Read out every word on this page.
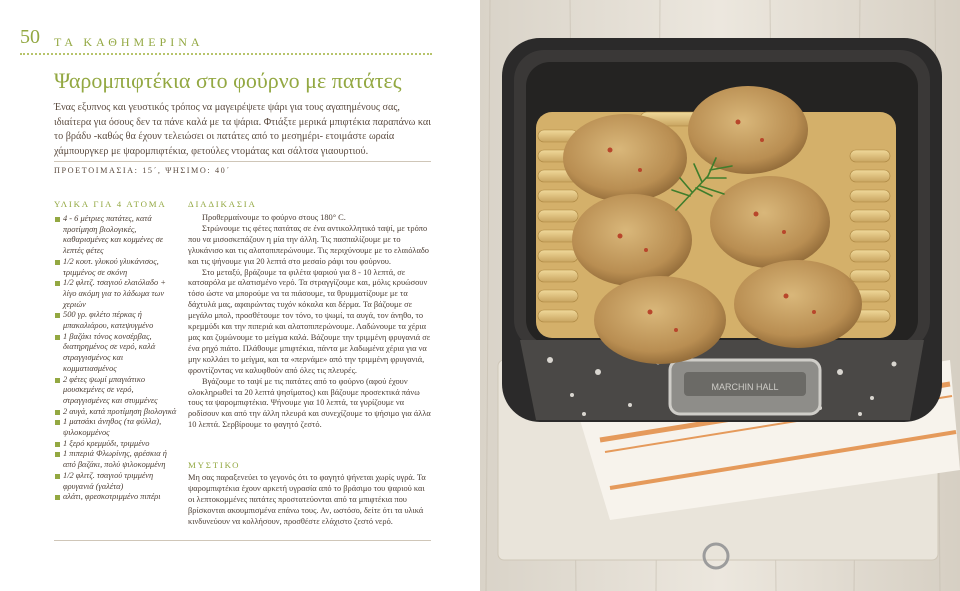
50 ΤΑ ΚΑΘΗΜΕΡΙΝΑ
Ψαρομπιφτέκια στο φούρνο με πατάτες
Ένας εξυπνος και γευστικός τρόπος να μαγειρέψετε ψάρι για τους αγαπημένους σας, ιδιαίτερα για όσους δεν τα πάνε καλά με τα ψάρια. Φτιάξτε μερικά μπιφτέκια παραπάνω και το βράδυ -καθώς θα έχουν τελειώσει οι πατάτες από το μεσημέρι- ετοιμάστε ωραία χάμπουργκερ με ψαρομπιφτέκια, φετούλες ντομάτας και σάλτσα γιαουρτιού.
ΠΡΟΕΤΟΙΜΑΣΙΑ: 15´, ΨΗΣΙΜΟ: 40´
ΥΛΙΚΑ ΓΙΑ 4 ΑΤΟΜΑ
4 - 6 μέτριες πατάτες, κατά προτίμηση βιολογικές, καθαρισμένες και κομμένες σε λεπτές φέτες
1/2 κουτ. γλυκού γλυκάνισος, τριμμένος σε σκόνη
1/2 φλιτζ. τσαγιού ελαιόλαδο + λίγο ακόμη για το λάδωμα των χεριών
500 γρ. φιλέτο πέρκας ή μπακαλιάρου, κατεψυγμένο
1 βαζάκι τόνος κονσέρβας, διατηρημένος σε νερό, καλά στραγγισμένος και κομματιασμένος
2 φέτες ψωμί μπαγιάτικο μουσκεμένες σε νερό, στραγγισμένες και στυμμένες
2 αυγά, κατά προτίμηση βιολογικά
1 ματσάκι άνηθος (τα φύλλα), ψιλοκομμένος
1 ξερό κρεμμύδι, τριμμένο
1 πιπεριά Φλωρίνης, φρέσκια ή από βαζάκι, πολύ ψιλοκομμένη
1/2 φλιτζ. τσαγιού τριμμένη φρυγανιά (γαλέτα)
αλάτι, φρεσκοτριμμένο πιπέρι
ΔΙΑΔΙΚΑΣΙΑ

Προθερμαίνουμε το φούρνο στους 180° C.

Στρώνουμε τις φέτες πατάτας σε ένα αντικολλητικό ταψί, με τρόπο που να μισοσκεπάζουν η μία την άλλη. Τις πασπαλίζουμε με το γλυκάνισο και τις αλατοπιπερώνουμε. Τις περιχύνουμε με το ελαιόλαδο και τις ψήνουμε για 20 λεπτά στο μεσαίο ράφι του φούρνου.

Στο μεταξύ, βράζουμε τα φιλέτα ψαριού για 8 - 10 λεπτά, σε κατσαρόλα με αλατισμένο νερό. Τα στραγγίζουμε και, μόλις κρυώσουν τόσο ώστε να μπορούμε να τα πιάσουμε, τα θρυμματίζουμε με τα δάχτυλά μας, αφαιρώντας τυχόν κόκαλα και δέρμα. Τα βάζουμε σε μεγάλο μπολ, προσθέτουμε τον τόνο, το ψωμί, τα αυγά, τον άνηθο, το κρεμμύδι και την πιπεριά και αλατοπιπερώνουμε. Λαδώνουμε τα χέρια μας και ζυμώνουμε το μείγμα καλά. Βάζουμε την τριμμένη φρυγανιά σε ένα ρηχό πιάτο. Πλάθουμε μπιφτέκια, πάντα με λαδωμένα χέρια για να μην κολλάει το μείγμα, και τα «περνάμε» από την τριμμένη φρυγανιά, φροντίζοντας να καλυφθούν από όλες τις πλευρές.

Βγάζουμε το ταψί με τις πατάτες από το φούρνο (αφού έχουν ολοκληρωθεί τα 20 λεπτά ψησίματος) και βάζουμε προσεκτικά πάνω τους τα ψαρομπιφτέκια. Ψήνουμε για 10 λεπτά, τα γυρίζουμε να ροδίσουν και από την άλλη πλευρά και συνεχίζουμε το ψήσιμο για άλλα 10 λεπτά. Σερβίρουμε το φαγητό ζεστό.

ΜΥΣΤΙΚΟ

Μη σας παραξενεύει το γεγονός ότι το φαγητό ψήνεται χωρίς υγρά. Τα ψαρομπιφτέκια έχουν αρκετή υγρασία από το βράσιμο του ψαριού και οι λεπτοκομμένες πατάτες προστατεύονται από τα μπιφτέκια που βρίσκονται ακουμπισμένα επάνω τους. Αν, ωστόσο, δείτε ότι τα υλικά κινδυνεύουν να κολλήσουν, προσθέστε ελάχιστο ζεστό νερό.

MARCHIN HALL
